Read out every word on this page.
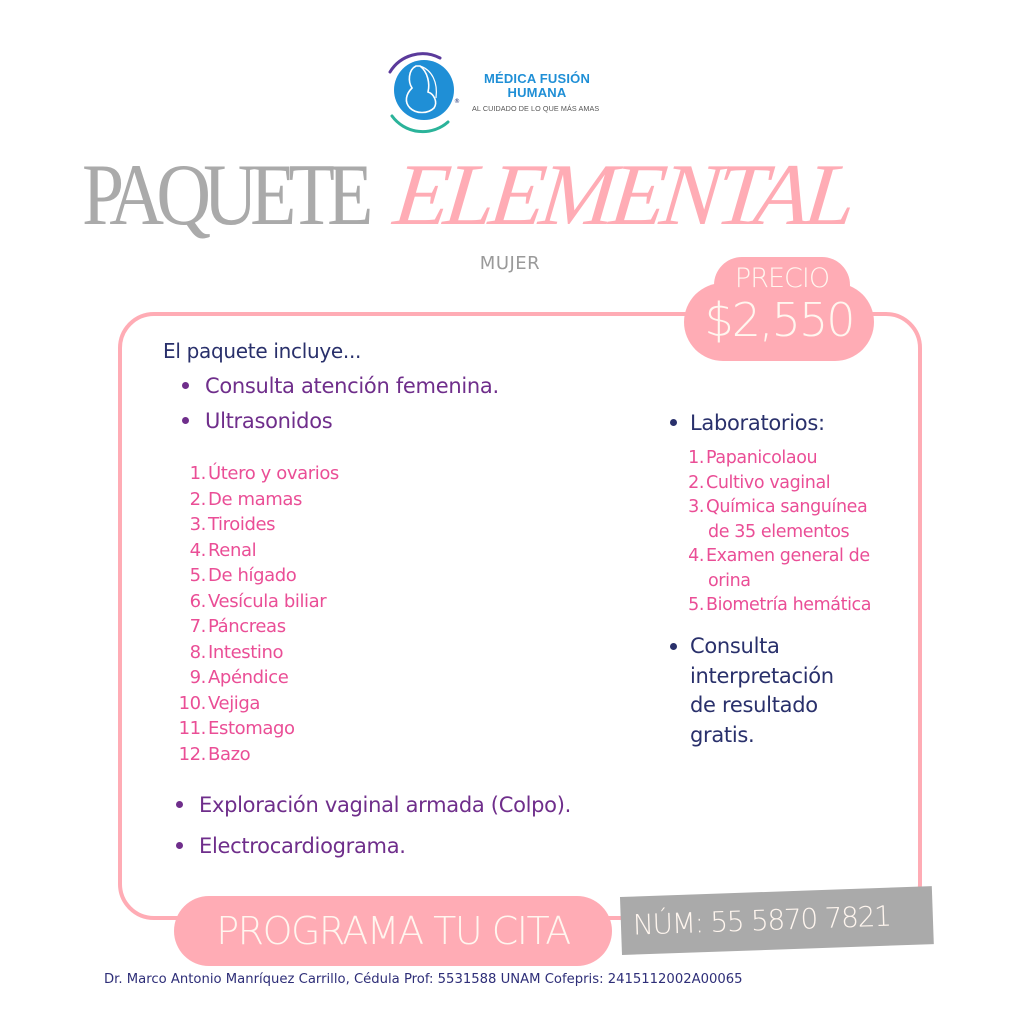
®
MÉDICA FUSIÓN
HUMANA
AL CUIDADO DE LO QUE MÁS AMAS
PAQUETE ELEMENTAL
MUJER	PRECIO
$2,550
El paquete incluye...
Consulta atención femenina.
Ultrasonidos
1. Útero y ovarios
2. De mamas
3. Tiroides
4. Renal
5. De hígado
6. Vesícula biliar
7. Páncreas
8. Intestino
9. Apéndice
10. Vejiga
11. Estomago
12. Bazo
Exploración vaginal armada (Colpo).
Electrocardiograma.
Laboratorios:
1. Papanicolaou
2. Cultivo vaginal
3. Química sanguínea
de 35 elementos
4. Examen general de
orina
5. Biometría hemática
Consulta
interpretación
de resultado
gratis.
PROGRAMA TU CITA	NÚM: 55 5870 7821
Dr. Marco Antonio Manríquez Carrillo, Cédula Prof: 5531588 UNAM Cofepris: 2415112002A00065
